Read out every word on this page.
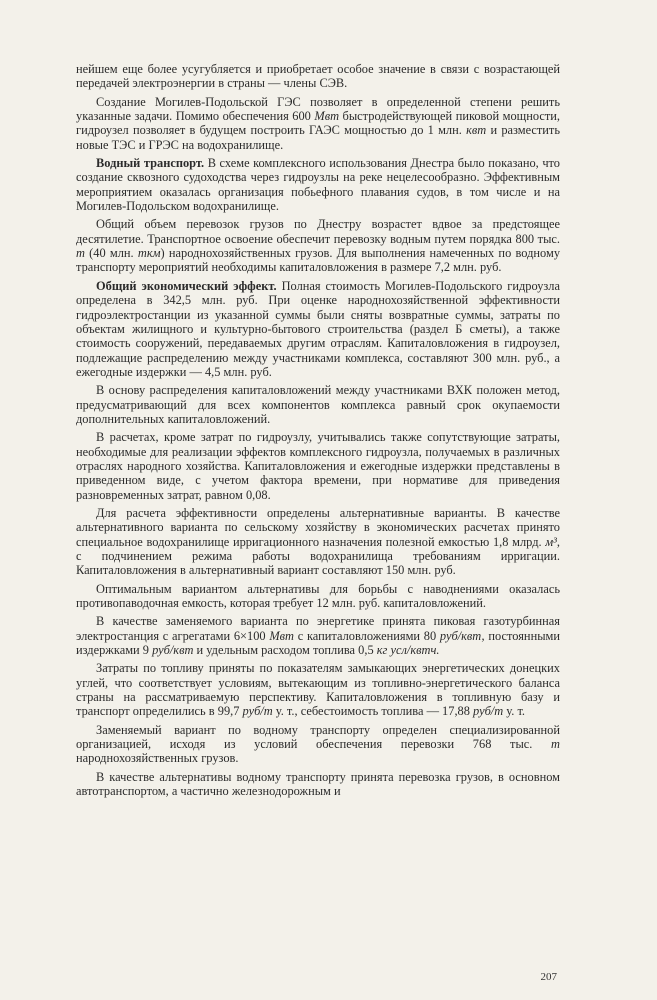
нейшем еще более усугубляется и приобретает особое значение в связи с возрастающей передачей электроэнергии в страны — члены СЭВ.

Создание Могилев-Подольской ГЭС позволяет в определенной степени решить указанные задачи. Помимо обеспечения 600 Мвт быстродействующей пиковой мощности, гидроузел позволяет в будущем построить ГАЭС мощностью до 1 млн. квт и разместить новые ТЭС и ГРЭС на водохранилище.

Водный транспорт. В схеме комплексного использования Днестра было показано, что создание сквозного судоходства через гидроузлы на реке нецелесообразно. Эффективным мероприятием оказалась организация побьефного плавания судов, в том числе и на Могилев-Подольском водохранилище.

Общий объем перевозок грузов по Днестру возрастет вдвое за предстоящее десятилетие. Транспортное освоение обеспечит перевозку водным путем порядка 800 тыс. т (40 млн. ткм) народнохозяйственных грузов. Для выполнения намеченных по водному транспорту мероприятий необходимы капиталовложения в размере 7,2 млн. руб.

Общий экономический эффект. Полная стоимость Могилев-Подольского гидроузла определена в 342,5 млн. руб. При оценке народнохозяйственной эффективности гидроэлектростанции из указанной суммы были сняты возвратные суммы, затраты по объектам жилищного и культурно-бытового строительства (раздел Б сметы), а также стоимость сооружений, передаваемых другим отраслям. Капиталовложения в гидроузел, подлежащие распределению между участниками комплекса, составляют 300 млн. руб., а ежегодные издержки — 4,5 млн. руб.

В основу распределения капиталовложений между участниками ВХК положен метод, предусматривающий для всех компонентов комплекса равный срок окупаемости дополнительных капиталовложений.

В расчетах, кроме затрат по гидроузлу, учитывались также сопутствующие затраты, необходимые для реализации эффектов комплексного гидроузла, получаемых в различных отраслях народного хозяйства. Капиталовложения и ежегодные издержки представлены в приведенном виде, с учетом фактора времени, при нормативе для приведения разновременных затрат, равном 0,08.

Для расчета эффективности определены альтернативные варианты. В качестве альтернативного варианта по сельскому хозяйству в экономических расчетах принято специальное водохранилище ирригационного назначения полезной емкостью 1,8 млрд. м³, с подчинением режима работы водохранилища требованиям ирригации. Капиталовложения в альтернативный вариант составляют 150 млн. руб.

Оптимальным вариантом альтернативы для борьбы с наводнениями оказалась противопаводочная емкость, которая требует 12 млн. руб. капиталовложений.

В качестве заменяемого варианта по энергетике принята пиковая газотурбинная электростанция с агрегатами 6×100 Мвт с капиталовложениями 80 руб/квт, постоянными издержками 9 руб/квт и удельным расходом топлива 0,5 кг усл/квтч.

Затраты по топливу приняты по показателям замыкающих энергетических донецких углей, что соответствует условиям, вытекающим из топливно-энергетического баланса страны на рассматриваемую перспективу. Капиталовложения в топливную базу и транспорт определились в 99,7 руб/т у. т., себестоимость топлива — 17,88 руб/т у. т.

Заменяемый вариант по водному транспорту определен специализированной организацией, исходя из условий обеспечения перевозки 768 тыс. т народнохозяйственных грузов.

В качестве альтернативы водному транспорту принята перевозка грузов, в основном автотранспортом, а частично железнодорожным и

207
